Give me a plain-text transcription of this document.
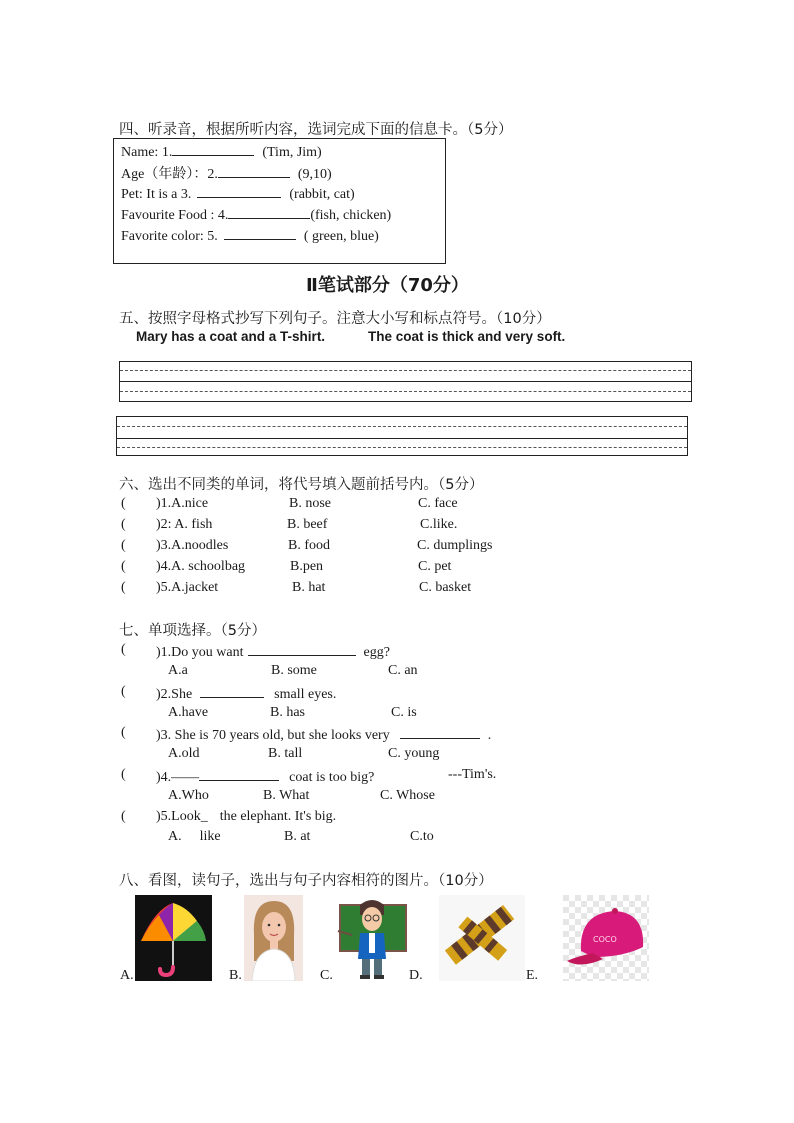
四、听录音，根据所听内容，选词完成下面的信息卡。（5分）
Name: 1.	(Tim, Jim)
Age（年龄）：2.	(9,10)
Pet: It is a 3.	(rabbit, cat)
Favourite Food : 4.	(fish, chicken)
Favorite color: 5.	( green, blue)
Ⅱ笔试部分（70分）
五、按照字母格式抄写下列句子。注意大小写和标点符号。（10分）
Mary has a coat and a T-shirt.	The coat is thick and very soft.
六、选出不同类的单词，将代号填入题前括号内。（5分）
( )1.A.nice	B. nose	C. face
( )2: A. fish	B. beef	C.like.
( )3.A.noodles	B. food	C. dumplings
( )4.A. schoolbag	B.pen	C. pet
( )5.A.jacket	B. hat	C. basket
七、单项选择。（5分）
( )1.Do you want	egg?
A.a	B. some	C. an
( )2.She	small eyes.
A.have	B. has	C. is
( )3. She is 70 years old, but she looks very	.
A.old	B. tall	C. young
( )4.——	coat is too big?	---Tim's.
A.Who	B. What	C. Whose
( )5.Look_ the elephant. It's big.
A. like	B. at	C.to
八、看图，读句子，选出与句子内容相符的图片。（10分）
A.	B.	C.	D.	E.
COCO
